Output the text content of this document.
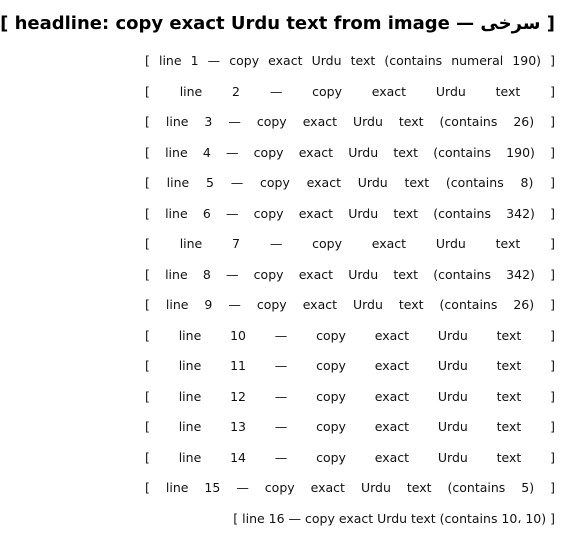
[ سرخی — headline: copy exact Urdu text from image ]
[ line 1 — copy exact Urdu text (contains numeral 190) ]
[ line 2 — copy exact Urdu text ]
[ line 3 — copy exact Urdu text (contains 26) ]
[ line 4 — copy exact Urdu text (contains 190) ]
[ line 5 — copy exact Urdu text (contains 8) ]
[ line 6 — copy exact Urdu text (contains 342) ]
[ line 7 — copy exact Urdu text ]
[ line 8 — copy exact Urdu text (contains 342) ]
[ line 9 — copy exact Urdu text (contains 26) ]
[ line 10 — copy exact Urdu text ]
[ line 11 — copy exact Urdu text ]
[ line 12 — copy exact Urdu text ]
[ line 13 — copy exact Urdu text ]
[ line 14 — copy exact Urdu text ]
[ line 15 — copy exact Urdu text (contains 5) ]
[ line 16 — copy exact Urdu text (contains 10، 10) ]
